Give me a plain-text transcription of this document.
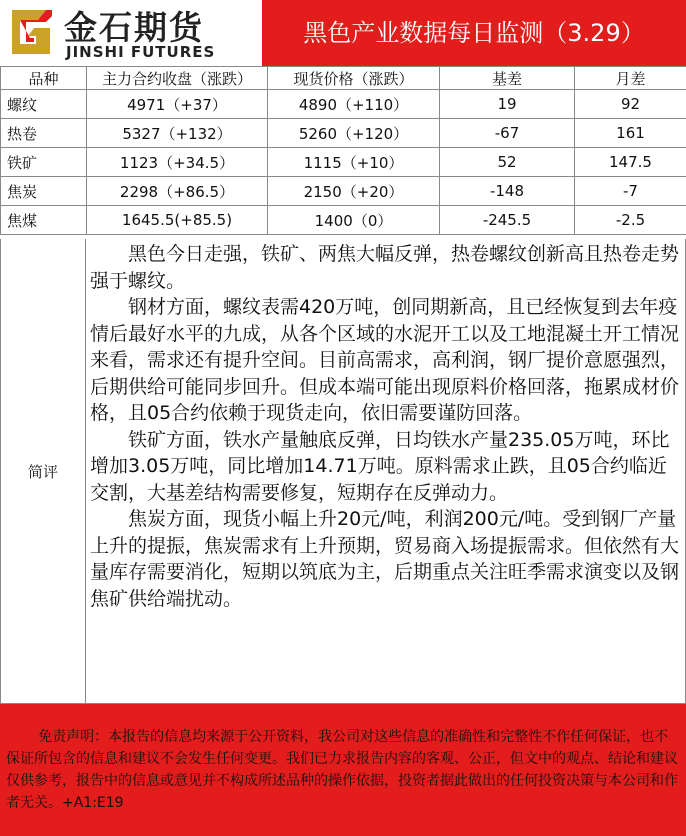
金石期货
JINSHI FUTURES
黑色产业数据每日监测（3.29）
品种	主力合约收盘（涨跌）	现货价格（涨跌）	基差	月差
螺纹	4971（+37）	4890（+110）	19	92
热卷	5327（+132）	5260（+120）	-67	161
铁矿	1123（+34.5）	1115（+10）	52	147.5
焦炭	2298（+86.5）	2150（+20）	-148	-7
焦煤	1645.5(+85.5)	1400（0）	-245.5	-2.5
简评

黑色今日走强，铁矿、两焦大幅反弹，热卷螺纹创新高且热卷走势强于螺纹。

钢材方面，螺纹表需420万吨，创同期新高，且已经恢复到去年疫情后最好水平的九成，从各个区域的水泥开工以及工地混凝土开工情况来看，需求还有提升空间。目前高需求，高利润，钢厂提价意愿强烈，后期供给可能同步回升。但成本端可能出现原料价格回落，拖累成材价格，且05合约依赖于现货走向，依旧需要谨防回落。

铁矿方面，铁水产量触底反弹，日均铁水产量235.05万吨，环比增加3.05万吨，同比增加14.71万吨。原料需求止跌，且05合约临近交割，大基差结构需要修复，短期存在反弹动力。

焦炭方面，现货小幅上升20元/吨，利润200元/吨。受到钢厂产量上升的提振，焦炭需求有上升预期，贸易商入场提振需求。但依然有大量库存需要消化，短期以筑底为主，后期重点关注旺季需求演变以及钢焦矿供给端扰动。

免责声明：本报告的信息均来源于公开资料，我公司对这些信息的准确性和完整性不作任何保证，也不保证所包含的信息和建议不会发生任何变更。我们已力求报告内容的客观、公正，但文中的观点、结论和建议仅供参考，报告中的信息或意见并不构成所述品种的操作依据，投资者据此做出的任何投资决策与本公司和作者无关。+A1:E19
